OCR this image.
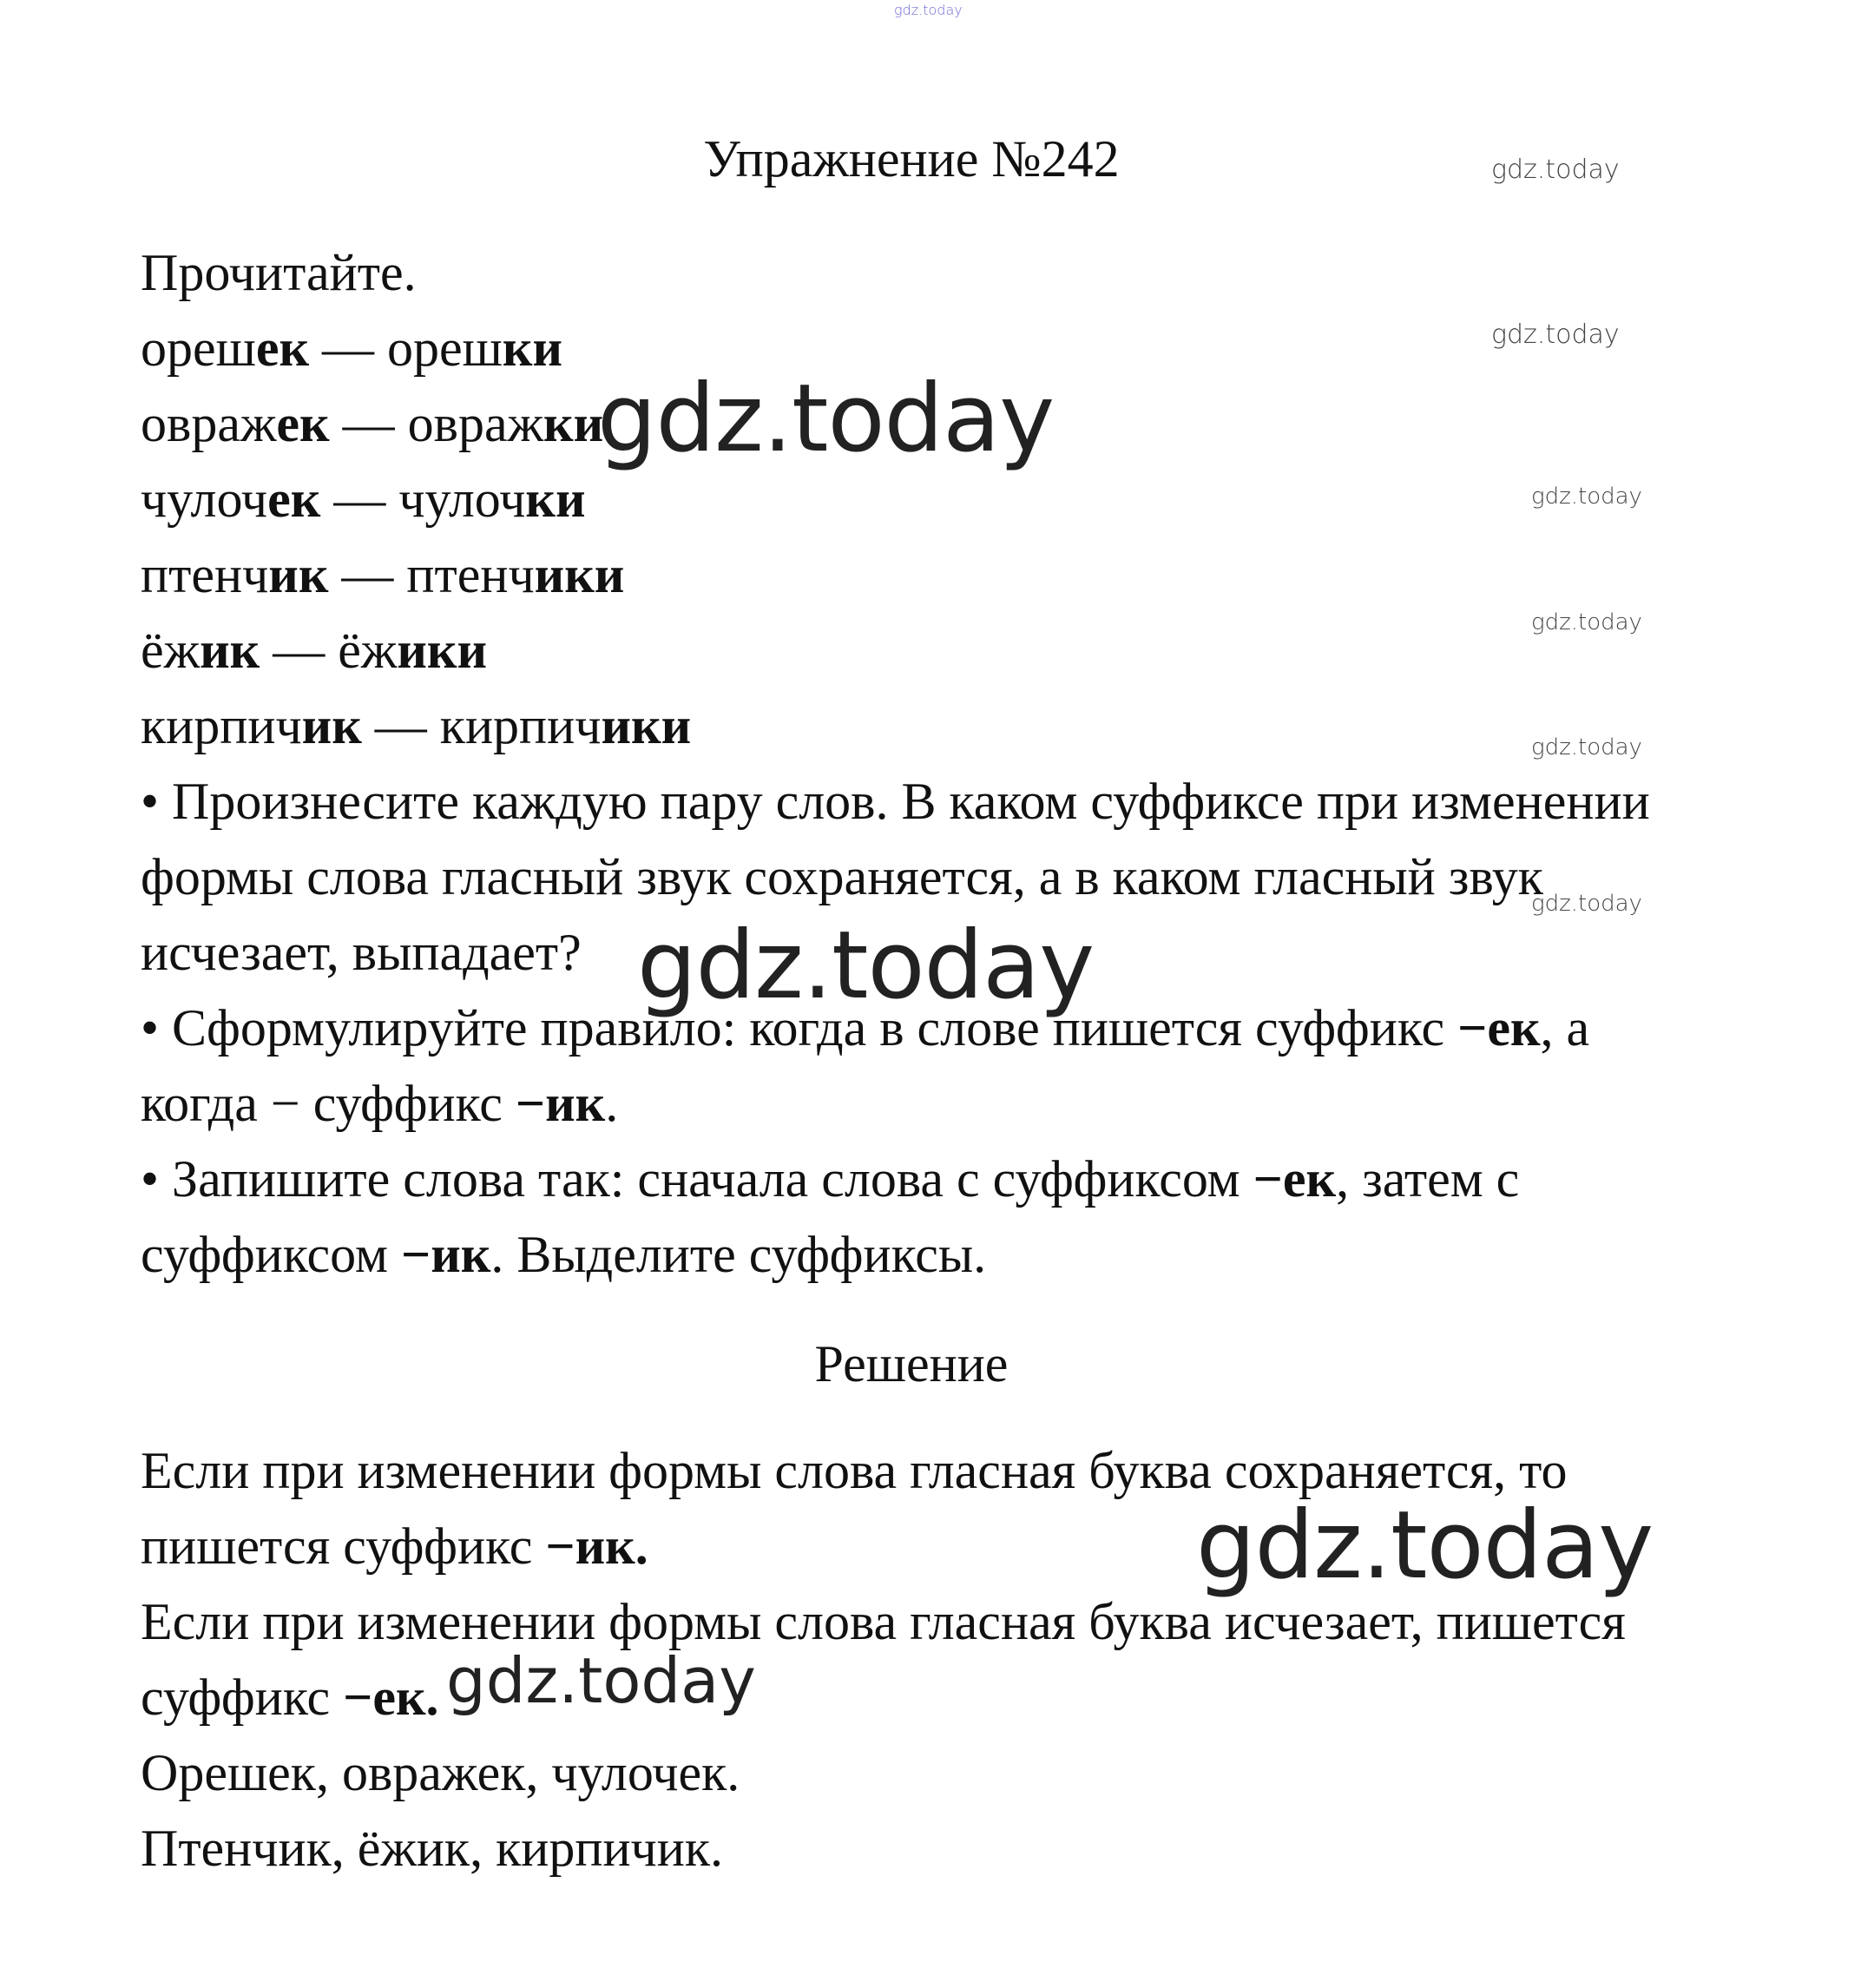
gdz.today
gdz.today
gdz.today
gdz.today
gdz.today
gdz.today
gdz.today
gdz.today
gdz.today
gdz.today
gdz.today
Упражнение №242
Прочитайте.
орешек — орешки
овражек — овражки
чулочек — чулочки
птенчик — птенчики
ёжик — ёжики
кирпичик — кирпичики
• Произнесите каждую пару слов. В каком суффиксе при изменении
формы слова гласный звук сохраняется, а в каком гласный звук
исчезает, выпадает?
• Сформулируйте правило: когда в слове пишется суффикс −ек, а
когда − суффикс −ик.
• Запишите слова так: сначала слова с суффиксом −ек, затем с
суффиксом −ик. Выделите суффиксы.
Решение
Если при изменении формы слова гласная буква сохраняется, то
пишется суффикс −ик.
Если при изменении формы слова гласная буква исчезает, пишется
суффикс −ек.
Орешек, овражек, чулочек.
Птенчик, ёжик, кирпичик.
